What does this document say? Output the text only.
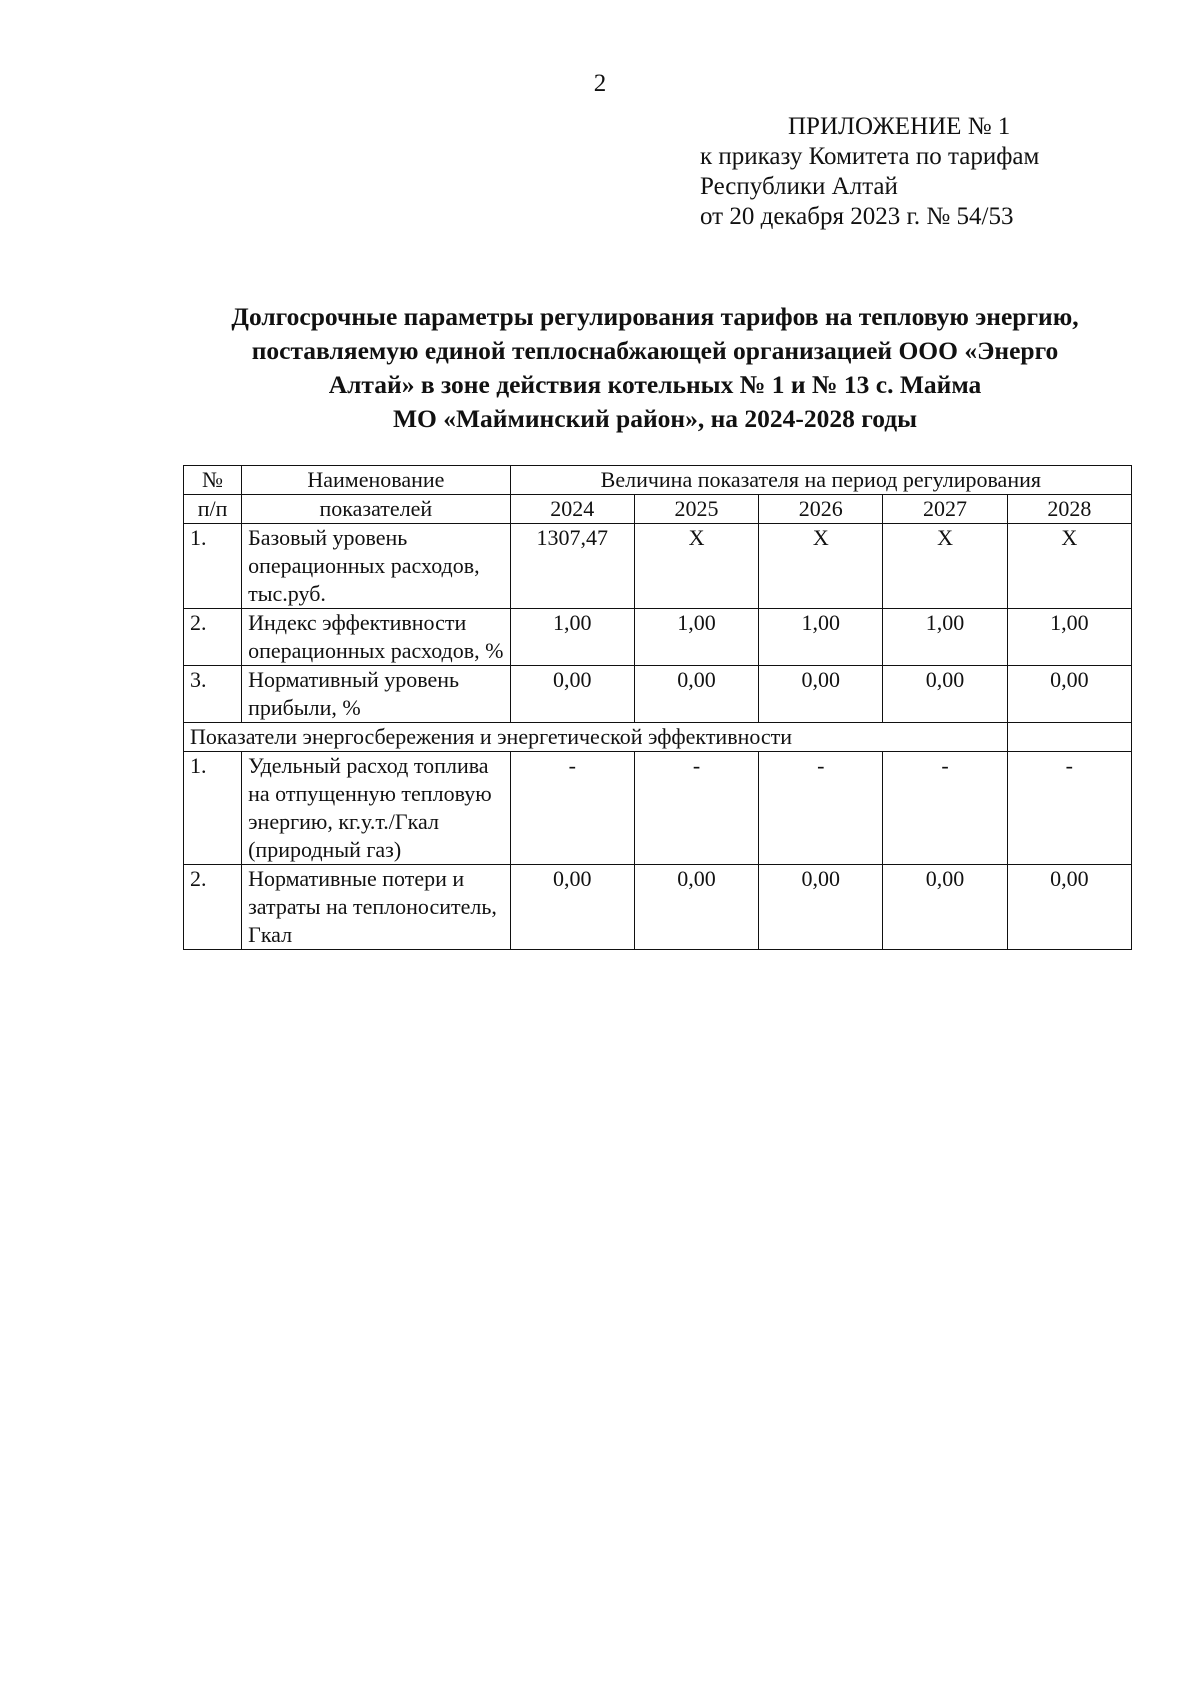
2
ПРИЛОЖЕНИЕ № 1
к приказу Комитета по тарифам
Республики Алтай
от 20 декабря 2023 г. № 54/53
Долгосрочные параметры регулирования тарифов на тепловую энергию,
поставляемую единой теплоснабжающей организацией ООО «Энерго
Алтай» в зоне действия котельных № 1 и № 13 с. Майма
МО «Майминский район», на 2024-2028 годы
№	Наименование	Величина показателя на период регулирования				
п/п	показателей	2024	2025	2026	2027	2028
1.	Базовый уровень операционных расходов, тыс.руб.	1307,47	Х	Х	Х	Х
2.	Индекс эффективности операционных расходов, %	1,00	1,00	1,00	1,00	1,00
3.	Нормативный уровень прибыли, %	0,00	0,00	0,00	0,00	0,00
Показатели энергосбережения и энергетической эффективности						
1.	Удельный расход топлива на отпущенную тепловую энергию, кг.у.т./Гкал (природный газ)	-	-	-	-	-
2.	Нормативные потери и затраты на теплоноситель, Гкал	0,00	0,00	0,00	0,00	0,00
